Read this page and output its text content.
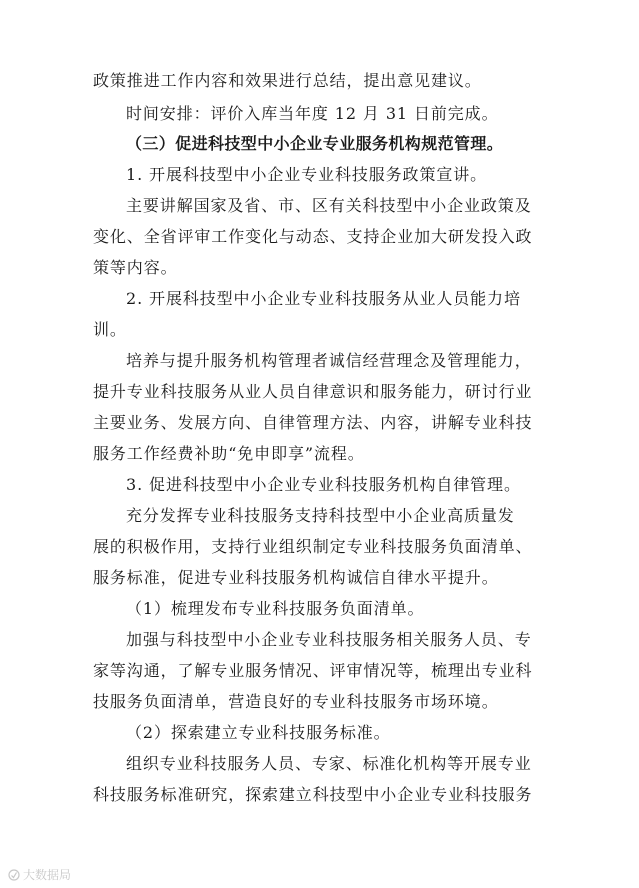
政策推进工作内容和效果进行总结，提出意见建议。
时间安排：评价入库当年度 12 月 31 日前完成。
（三）促进科技型中小企业专业服务机构规范管理。
1. 开展科技型中小企业专业科技服务政策宣讲。
主要讲解国家及省、市、区有关科技型中小企业政策及
变化、全省评审工作变化与动态、支持企业加大研发投入政
策等内容。
2. 开展科技型中小企业专业科技服务从业人员能力培
训。
培养与提升服务机构管理者诚信经营理念及管理能力，
提升专业科技服务从业人员自律意识和服务能力，研讨行业
主要业务、发展方向、自律管理方法、内容，讲解专业科技
服务工作经费补助“免申即享”流程。
3. 促进科技型中小企业专业科技服务机构自律管理。
充分发挥专业科技服务支持科技型中小企业高质量发
展的积极作用，支持行业组织制定专业科技服务负面清单、
服务标准，促进专业科技服务机构诚信自律水平提升。
（1）梳理发布专业科技服务负面清单。
加强与科技型中小企业专业科技服务相关服务人员、专
家等沟通，了解专业服务情况、评审情况等，梳理出专业科
技服务负面清单，营造良好的专业科技服务市场环境。
（2）探索建立专业科技服务标准。
组织专业科技服务人员、专家、标准化机构等开展专业
科技服务标准研究，探索建立科技型中小企业专业科技服务
大数据局
